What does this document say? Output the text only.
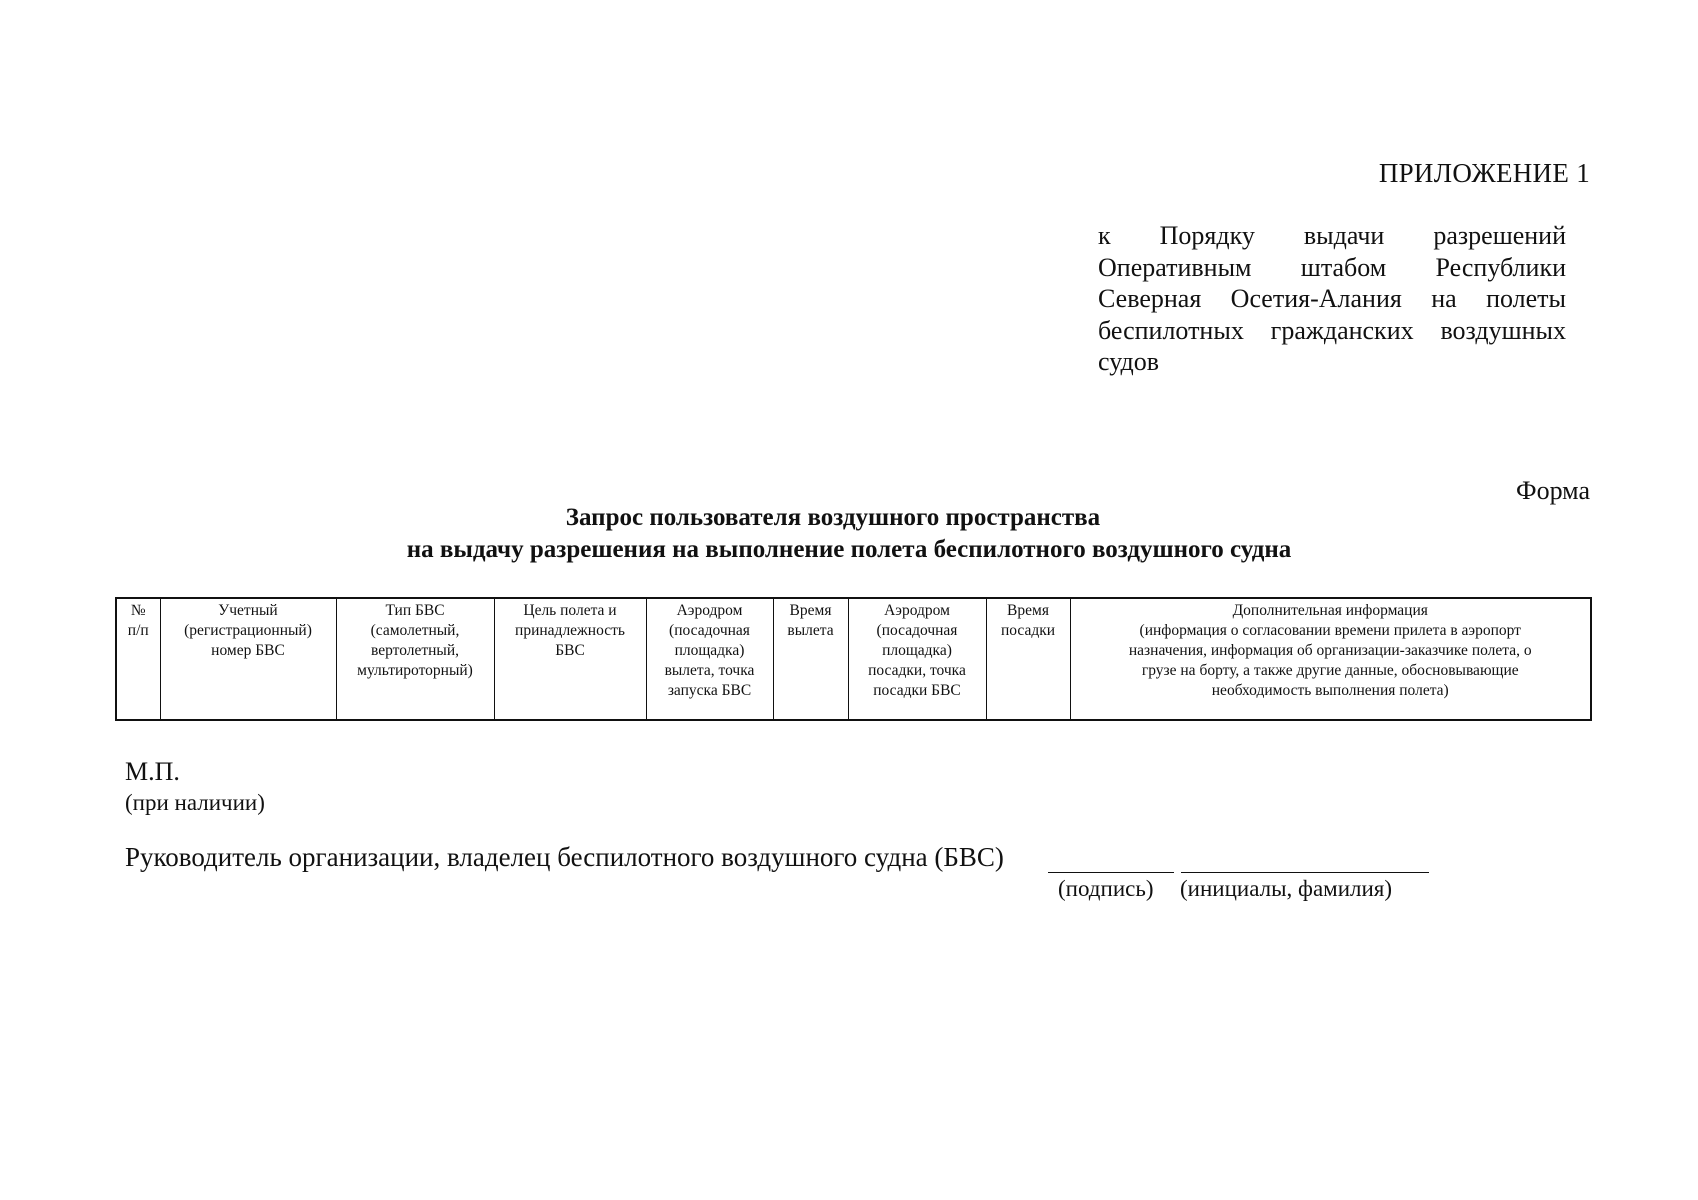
ПРИЛОЖЕНИЕ 1
к Порядку выдачи разрешений Оперативным штабом Республики Северная Осетия-Алания на полеты беспилотных гражданских воздушных судов
Форма
Запрос пользователя воздушного пространства
на выдачу разрешения на выполнение полета беспилотного воздушного судна
№
п/п	Учетный
(регистрационный)
номер БВС	Тип БВС
(самолетный,
вертолетный,
мультироторный)	Цель полета и
принадлежность
БВС	Аэродром
(посадочная
площадка)
вылета, точка
запуска БВС	Время
вылета	Аэродром
(посадочная
площадка)
посадки, точка
посадки БВС	Время
посадки	Дополнительная информация
(информация о согласовании времени прилета в аэропорт
назначения, информация об организации-заказчике полета, о
грузе на борту, а также другие данные, обосновывающие
необходимость выполнения полета)
М.П.
(при наличии)
Руководитель организации, владелец беспилотного воздушного судна (БВС)
(подпись) (инициалы, фамилия)
